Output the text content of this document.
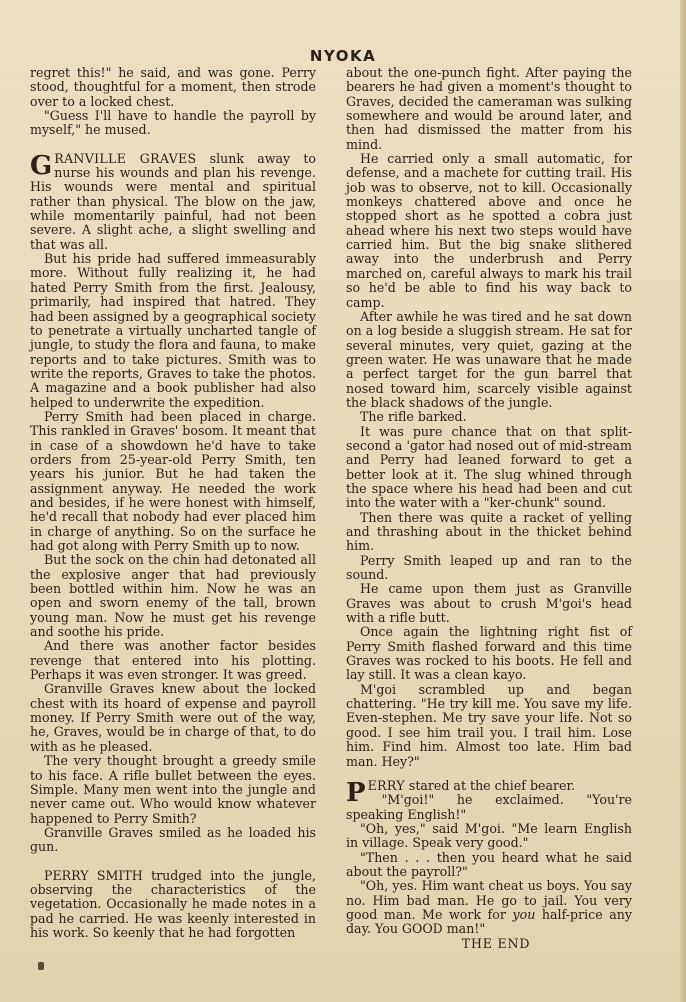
NYOKA

regret this!" he said, and was gone. Perry stood, thoughtful for a moment, then strode over to a locked chest.

"Guess I'll have to handle the payroll by myself," he mused.

GRANVILLE GRAVES slunk away to nurse his wounds and plan his revenge. His wounds were mental and spiritual rather than physical. The blow on the jaw, while momentarily painful, had not been severe. A slight ache, a slight swelling and that was all.

But his pride had suffered immeasurably more. Without fully realizing it, he had hated Perry Smith from the first. Jealousy, primarily, had inspired that hatred. They had been assigned by a geographical society to penetrate a virtually uncharted tangle of jungle, to study the flora and fauna, to make reports and to take pictures. Smith was to write the reports, Graves to take the photos. A magazine and a book publisher had also helped to underwrite the expedition.

Perry Smith had been placed in charge. This rankled in Graves' bosom. It meant that in case of a showdown he'd have to take orders from 25-year-old Perry Smith, ten years his junior. But he had taken the assignment anyway. He needed the work and besides, if he were honest with himself, he'd recall that nobody had ever placed him in charge of anything. So on the surface he had got along with Perry Smith up to now.

But the sock on the chin had detonated all the explosive anger that had previously been bottled within him. Now he was an open and sworn enemy of the tall, brown young man. Now he must get his revenge and soothe his pride.

And there was another factor besides revenge that entered into his plotting. Perhaps it was even stronger. It was greed.

Granville Graves knew about the locked chest with its hoard of expense and payroll money. If Perry Smith were out of the way, he, Graves, would be in charge of that, to do with as he pleased.

The very thought brought a greedy smile to his face. A rifle bullet between the eyes. Simple. Many men went into the jungle and never came out. Who would know whatever happened to Perry Smith?

Granville Graves smiled as he loaded his gun.

PERRY SMITH trudged into the jungle, observing the characteristics of the vegetation. Occasionally he made notes in a pad he carried. He was keenly interested in his work. So keenly that he had forgotten

about the one-punch fight. After paying the bearers he had given a moment's thought to Graves, decided the cameraman was sulking somewhere and would be around later, and then had dismissed the matter from his mind.

He carried only a small automatic, for defense, and a machete for cutting trail. His job was to observe, not to kill. Occasionally monkeys chattered above and once he stopped short as he spotted a cobra just ahead where his next two steps would have carried him. But the big snake slithered away into the underbrush and Perry marched on, careful always to mark his trail so he'd be able to find his way back to camp.

After awhile he was tired and he sat down on a log beside a sluggish stream. He sat for several minutes, very quiet, gazing at the green water. He was unaware that he made a perfect target for the gun barrel that nosed toward him, scarcely visible against the black shadows of the jungle.

The rifle barked.

It was pure chance that on that split-second a 'gator had nosed out of mid-stream and Perry had leaned forward to get a better look at it. The slug whined through the space where his head had been and cut into the water with a "ker-chunk" sound.

Then there was quite a racket of yelling and thrashing about in the thicket behind him.

Perry Smith leaped up and ran to the sound.

He came upon them just as Granville Graves was about to crush M'goi's head with a rifle butt.

Once again the lightning right fist of Perry Smith flashed forward and this time Graves was rocked to his boots. He fell and lay still. It was a clean kayo.

M'goi scrambled up and began chattering. "He try kill me. You save my life. Even-stephen. Me try save your life. Not so good. I see him trail you. I trail him. Lose him. Find him. Almost too late. Him bad man. Hey?"

PERRY stared at the chief bearer.

"M'goi!" he exclaimed. "You're speaking English!"

"Oh, yes," said M'goi. "Me learn English in village. Speak very good."

"Then . . . then you heard what he said about the payroll?"

"Oh, yes. Him want cheat us boys. You say no. Him bad man. He go to jail. You very good man. Me work for you half-price any day. You GOOD man!"

THE END
